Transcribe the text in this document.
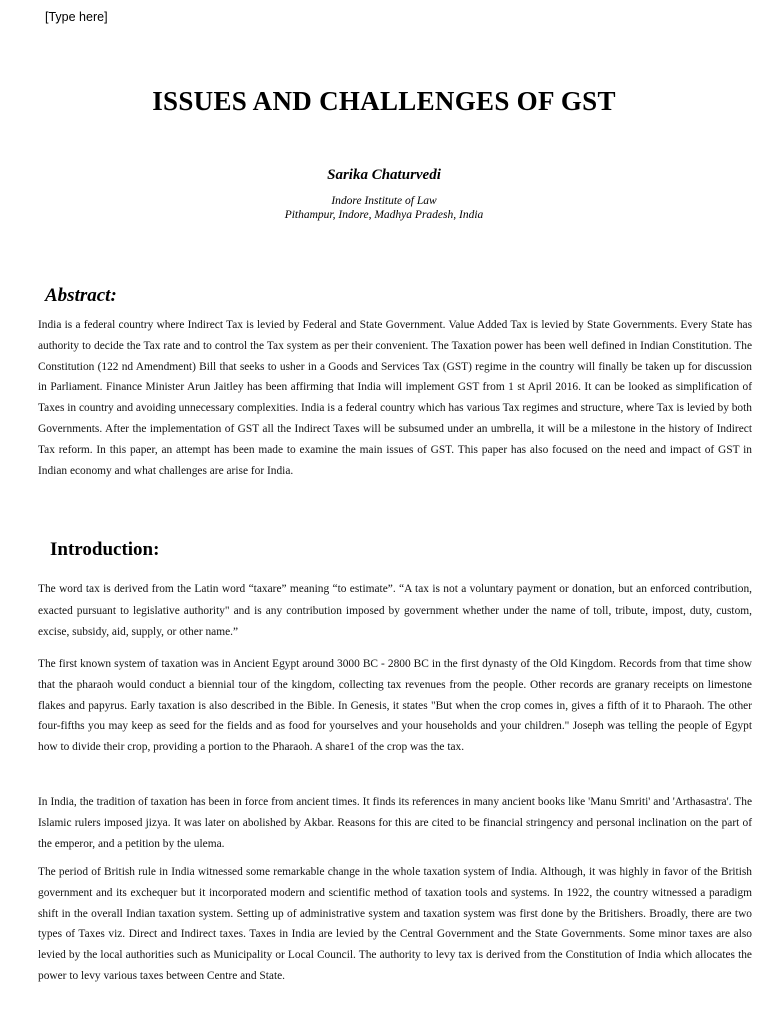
[Type here]
ISSUES AND CHALLENGES OF GST
Sarika Chaturvedi
Indore Institute of Law
Pithampur, Indore, Madhya Pradesh, India
Abstract:

India is a federal country where Indirect Tax is levied by Federal and State Government. Value Added Tax is levied by State Governments. Every State has authority to decide the Tax rate and to control the Tax system as per their convenient. The Taxation power has been well defined in Indian Constitution. The Constitution (122 nd Amendment) Bill that seeks to usher in a Goods and Services Tax (GST) regime in the country will finally be taken up for discussion in Parliament. Finance Minister Arun Jaitley has been affirming that India will implement GST from 1 st April 2016. It can be looked as simplification of Taxes in country and avoiding unnecessary complexities. India is a federal country which has various Tax regimes and structure, where Tax is levied by both Governments. After the implementation of GST all the Indirect Taxes will be subsumed under an umbrella, it will be a milestone in the history of Indirect Tax reform. In this paper, an attempt has been made to examine the main issues of GST. This paper has also focused on the need and impact of GST in Indian economy and what challenges are arise for India.

Introduction:

The word tax is derived from the Latin word “taxare” meaning “to estimate”. “A tax is not a voluntary payment or donation, but an enforced contribution, exacted pursuant to legislative authority" and is any contribution imposed by government whether under the name of toll, tribute, impost, duty, custom, excise, subsidy, aid, supply, or other name.”

The first known system of taxation was in Ancient Egypt around 3000 BC - 2800 BC in the first dynasty of the Old Kingdom. Records from that time show that the pharaoh would conduct a biennial tour of the kingdom, collecting tax revenues from the people. Other records are granary receipts on limestone flakes and papyrus. Early taxation is also described in the Bible. In Genesis, it states "But when the crop comes in, gives a fifth of it to Pharaoh. The other four-fifths you may keep as seed for the fields and as food for yourselves and your households and your children." Joseph was telling the people of Egypt how to divide their crop, providing a portion to the Pharaoh. A share1 of the crop was the tax.

In India, the tradition of taxation has been in force from ancient times. It finds its references in many ancient books like 'Manu Smriti' and 'Arthasastra'. The Islamic rulers imposed jizya. It was later on abolished by Akbar. Reasons for this are cited to be financial stringency and personal inclination on the part of the emperor, and a petition by the ulema.

The period of British rule in India witnessed some remarkable change in the whole taxation system of India. Although, it was highly in favor of the British government and its exchequer but it incorporated modern and scientific method of taxation tools and systems. In 1922, the country witnessed a paradigm shift in the overall Indian taxation system. Setting up of administrative system and taxation system was first done by the Britishers. Broadly, there are two types of Taxes viz. Direct and Indirect taxes. Taxes in India are levied by the Central Government and the State Governments. Some minor taxes are also levied by the local authorities such as Municipality or Local Council. The authority to levy tax is derived from the Constitution of India which allocates the power to levy various taxes between Centre and State.
